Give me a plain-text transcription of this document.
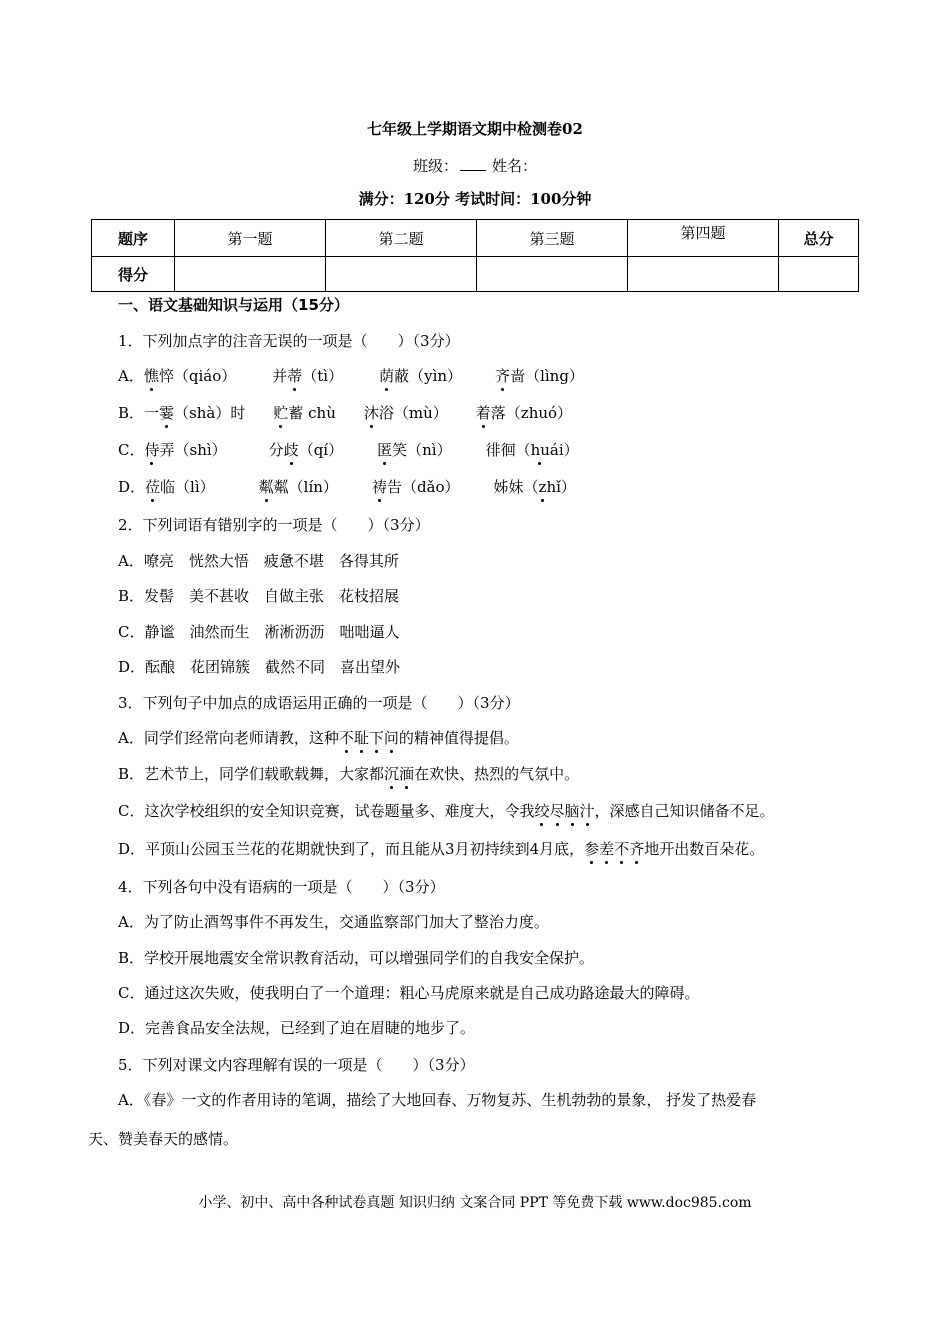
七年级上学期语文期中检测卷02
班级： 姓名：
满分：120分 考试时间：100分钟
题序	第一题	第二题	第三题	第四题	总分
得分					
一、语文基础知识与运用（15分）
1．下列加点字的注音无误的一项是（　　）（3分）
A．憔悴（qiáo） 并蒂（tì） 荫蔽（yìn） 齐啬（lìng）
B．一霎（shà）时 贮蓄 chù 沐浴（mù） 着落（zhuó）
C．侍弄（shì）	分歧（qí） 匿笑（nì） 徘徊（huái）
D．莅临（lì）	粼粼（lín） 祷告（dǎo） 姊妹（zhǐ）
2．下列词语有错别字的一项是（　　）（3分）
A．嘹亮　恍然大悟　疲惫不堪　各得其所
B．发髻　美不甚收　自做主张　花枝招展
C．静谧　油然而生　淅淅沥沥　咄咄逼人
D．酝酿　花团锦簇　截然不同　喜出望外
3．下列句子中加点的成语运用正确的一项是（　　）（3分）
A．同学们经常向老师请教，这种不耻下问的精神值得提倡。
B．艺术节上，同学们载歌载舞，大家都沉湎在欢快、热烈的气氛中。
C．这次学校组织的安全知识竞赛，试卷题量多、难度大，令我绞尽脑汁，深感自己知识储备不足。
D．平顶山公园玉兰花的花期就快到了，而且能从3月初持续到4月底，参差不齐地开出数百朵花。
4．下列各句中没有语病的一项是（　　）（3分）
A．为了防止酒驾事件不再发生，交通监察部门加大了整治力度。
B．学校开展地震安全常识教育活动，可以增强同学们的自我安全保护。
C．通过这次失败，使我明白了一个道理：粗心马虎原来就是自己成功路途最大的障碍。
D．完善食品安全法规，已经到了迫在眉睫的地步了。
5．下列对课文内容理解有误的一项是（　　）（3分）
A．《春》一文的作者用诗的笔调，描绘了大地回春、万物复苏、生机勃勃的景象， 抒发了热爱春
天、赞美春天的感情。
小学、初中、高中各种试卷真题 知识归纳 文案合同 PPT 等免费下载 www.doc985.com
